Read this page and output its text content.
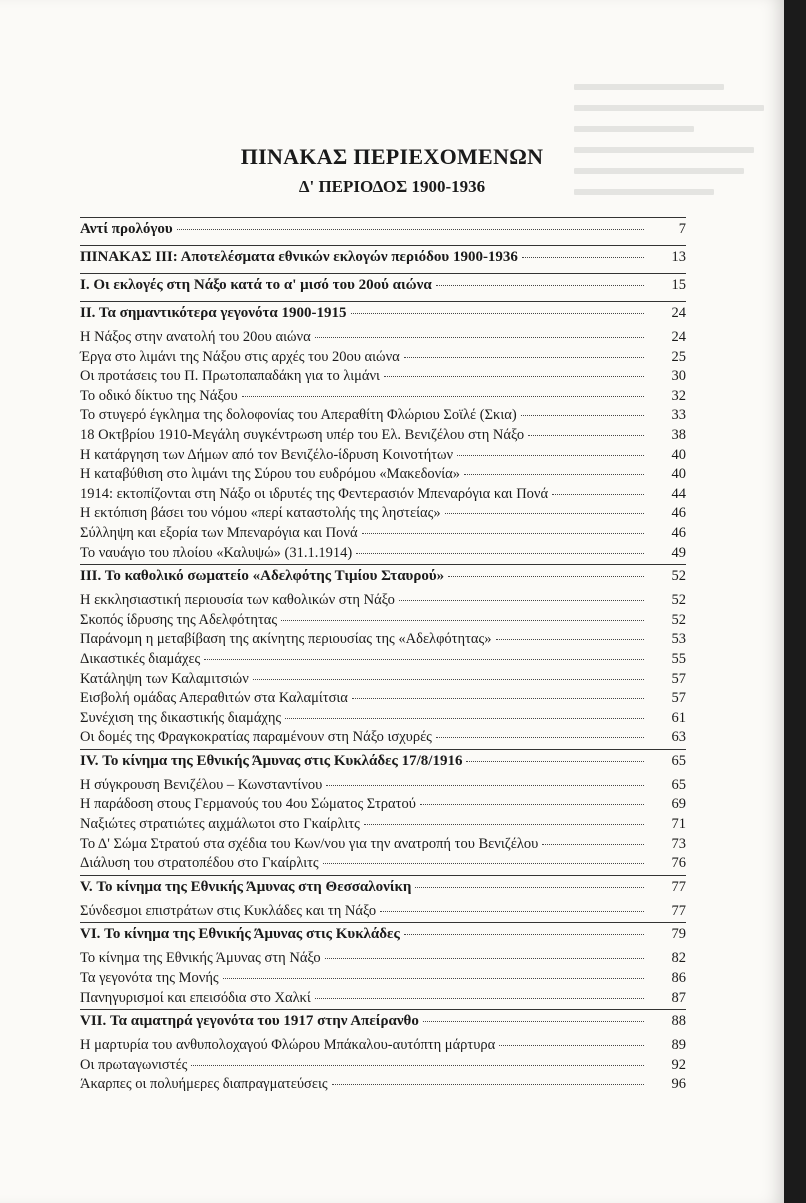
ΠΙΝΑΚΑΣ ΠΕΡΙΕΧΟΜΕΝΩΝ
Δ' ΠΕΡΙΟΔΟΣ 1900-1936
Αντί προλόγου	7
ΠΙΝΑΚΑΣ ΙΙΙ: Αποτελέσματα εθνικών εκλογών περιόδου 1900-1936	13
Ι. Οι εκλογές στη Νάξο κατά το α' μισό του 20ού αιώνα	15
ΙΙ. Τα σημαντικότερα γεγονότα 1900-1915	24
Η Νάξος στην ανατολή του 20ου αιώνα	24
Έργα στο λιμάνι της Νάξου στις αρχές του 20ου αιώνα	25
Οι προτάσεις του Π. Πρωτοπαπαδάκη για το λιμάνι	30
Το οδικό δίκτυο της Νάξου	32
Το στυγερό έγκλημα της δολοφονίας του Απεραθίτη Φλώριου Σοϊλέ (Σκια)	33
18 Οκτβρίου 1910-Μεγάλη συγκέντρωση υπέρ του Ελ. Βενιζέλου στη Νάξο	38
Η κατάργηση των Δήμων από τον Βενιζέλο-ίδρυση Κοινοτήτων	40
Η καταβύθιση στο λιμάνι της Σύρου του ευδρόμου «Μακεδονία»	40
1914: εκτοπίζονται στη Νάξο οι ιδρυτές της Φεντερασιόν Μπεναρόγια και Πονά	44
Η εκτόπιση βάσει του νόμου «περί καταστολής της ληστείας»	46
Σύλληψη και εξορία των Μπεναρόγια και Πονά	46
Το ναυάγιο του πλοίου «Καλυψώ» (31.1.1914)	49
ΙΙΙ. Το καθολικό σωματείο «Αδελφότης Τιμίου Σταυρού»	52
Η εκκλησιαστική περιουσία των καθολικών στη Νάξο	52
Σκοπός ίδρυσης της Αδελφότητας	52
Παράνομη η μεταβίβαση της ακίνητης περιουσίας της «Αδελφότητας»	53
Δικαστικές διαμάχες	55
Κατάληψη των Καλαμιτσιών	57
Εισβολή ομάδας Απεραθιτών στα Καλαμίτσια	57
Συνέχιση της δικαστικής διαμάχης	61
Οι δομές της Φραγκοκρατίας παραμένουν στη Νάξο ισχυρές	63
IV. Το κίνημα της Εθνικής Άμυνας στις Κυκλάδες 17/8/1916	65
Η σύγκρουση Βενιζέλου – Κωνσταντίνου	65
Η παράδοση στους Γερμανούς του 4ου Σώματος Στρατού	69
Ναξιώτες στρατιώτες αιχμάλωτοι στο Γκαίρλιτς	71
Το Δ' Σώμα Στρατού στα σχέδια του Κων/νου για την ανατροπή του Βενιζέλου	73
Διάλυση του στρατοπέδου στο Γκαίρλιτς	76
V. Το κίνημα της Εθνικής Άμυνας στη Θεσσαλονίκη	77
Σύνδεσμοι επιστράτων στις Κυκλάδες και τη Νάξο	77
VI. Το κίνημα της Εθνικής Άμυνας στις Κυκλάδες	79
Το κίνημα της Εθνικής Άμυνας στη Νάξο	82
Τα γεγονότα της Μονής	86
Πανηγυρισμοί και επεισόδια στο Χαλκί	87
VII. Τα αιματηρά γεγονότα του 1917 στην Απείρανθο	88
Η μαρτυρία του ανθυπολοχαγού Φλώρου Μπάκαλου-αυτόπτη μάρτυρα	89
Οι πρωταγωνιστές	92
Άκαρπες οι πολυήμερες διαπραγματεύσεις	96
